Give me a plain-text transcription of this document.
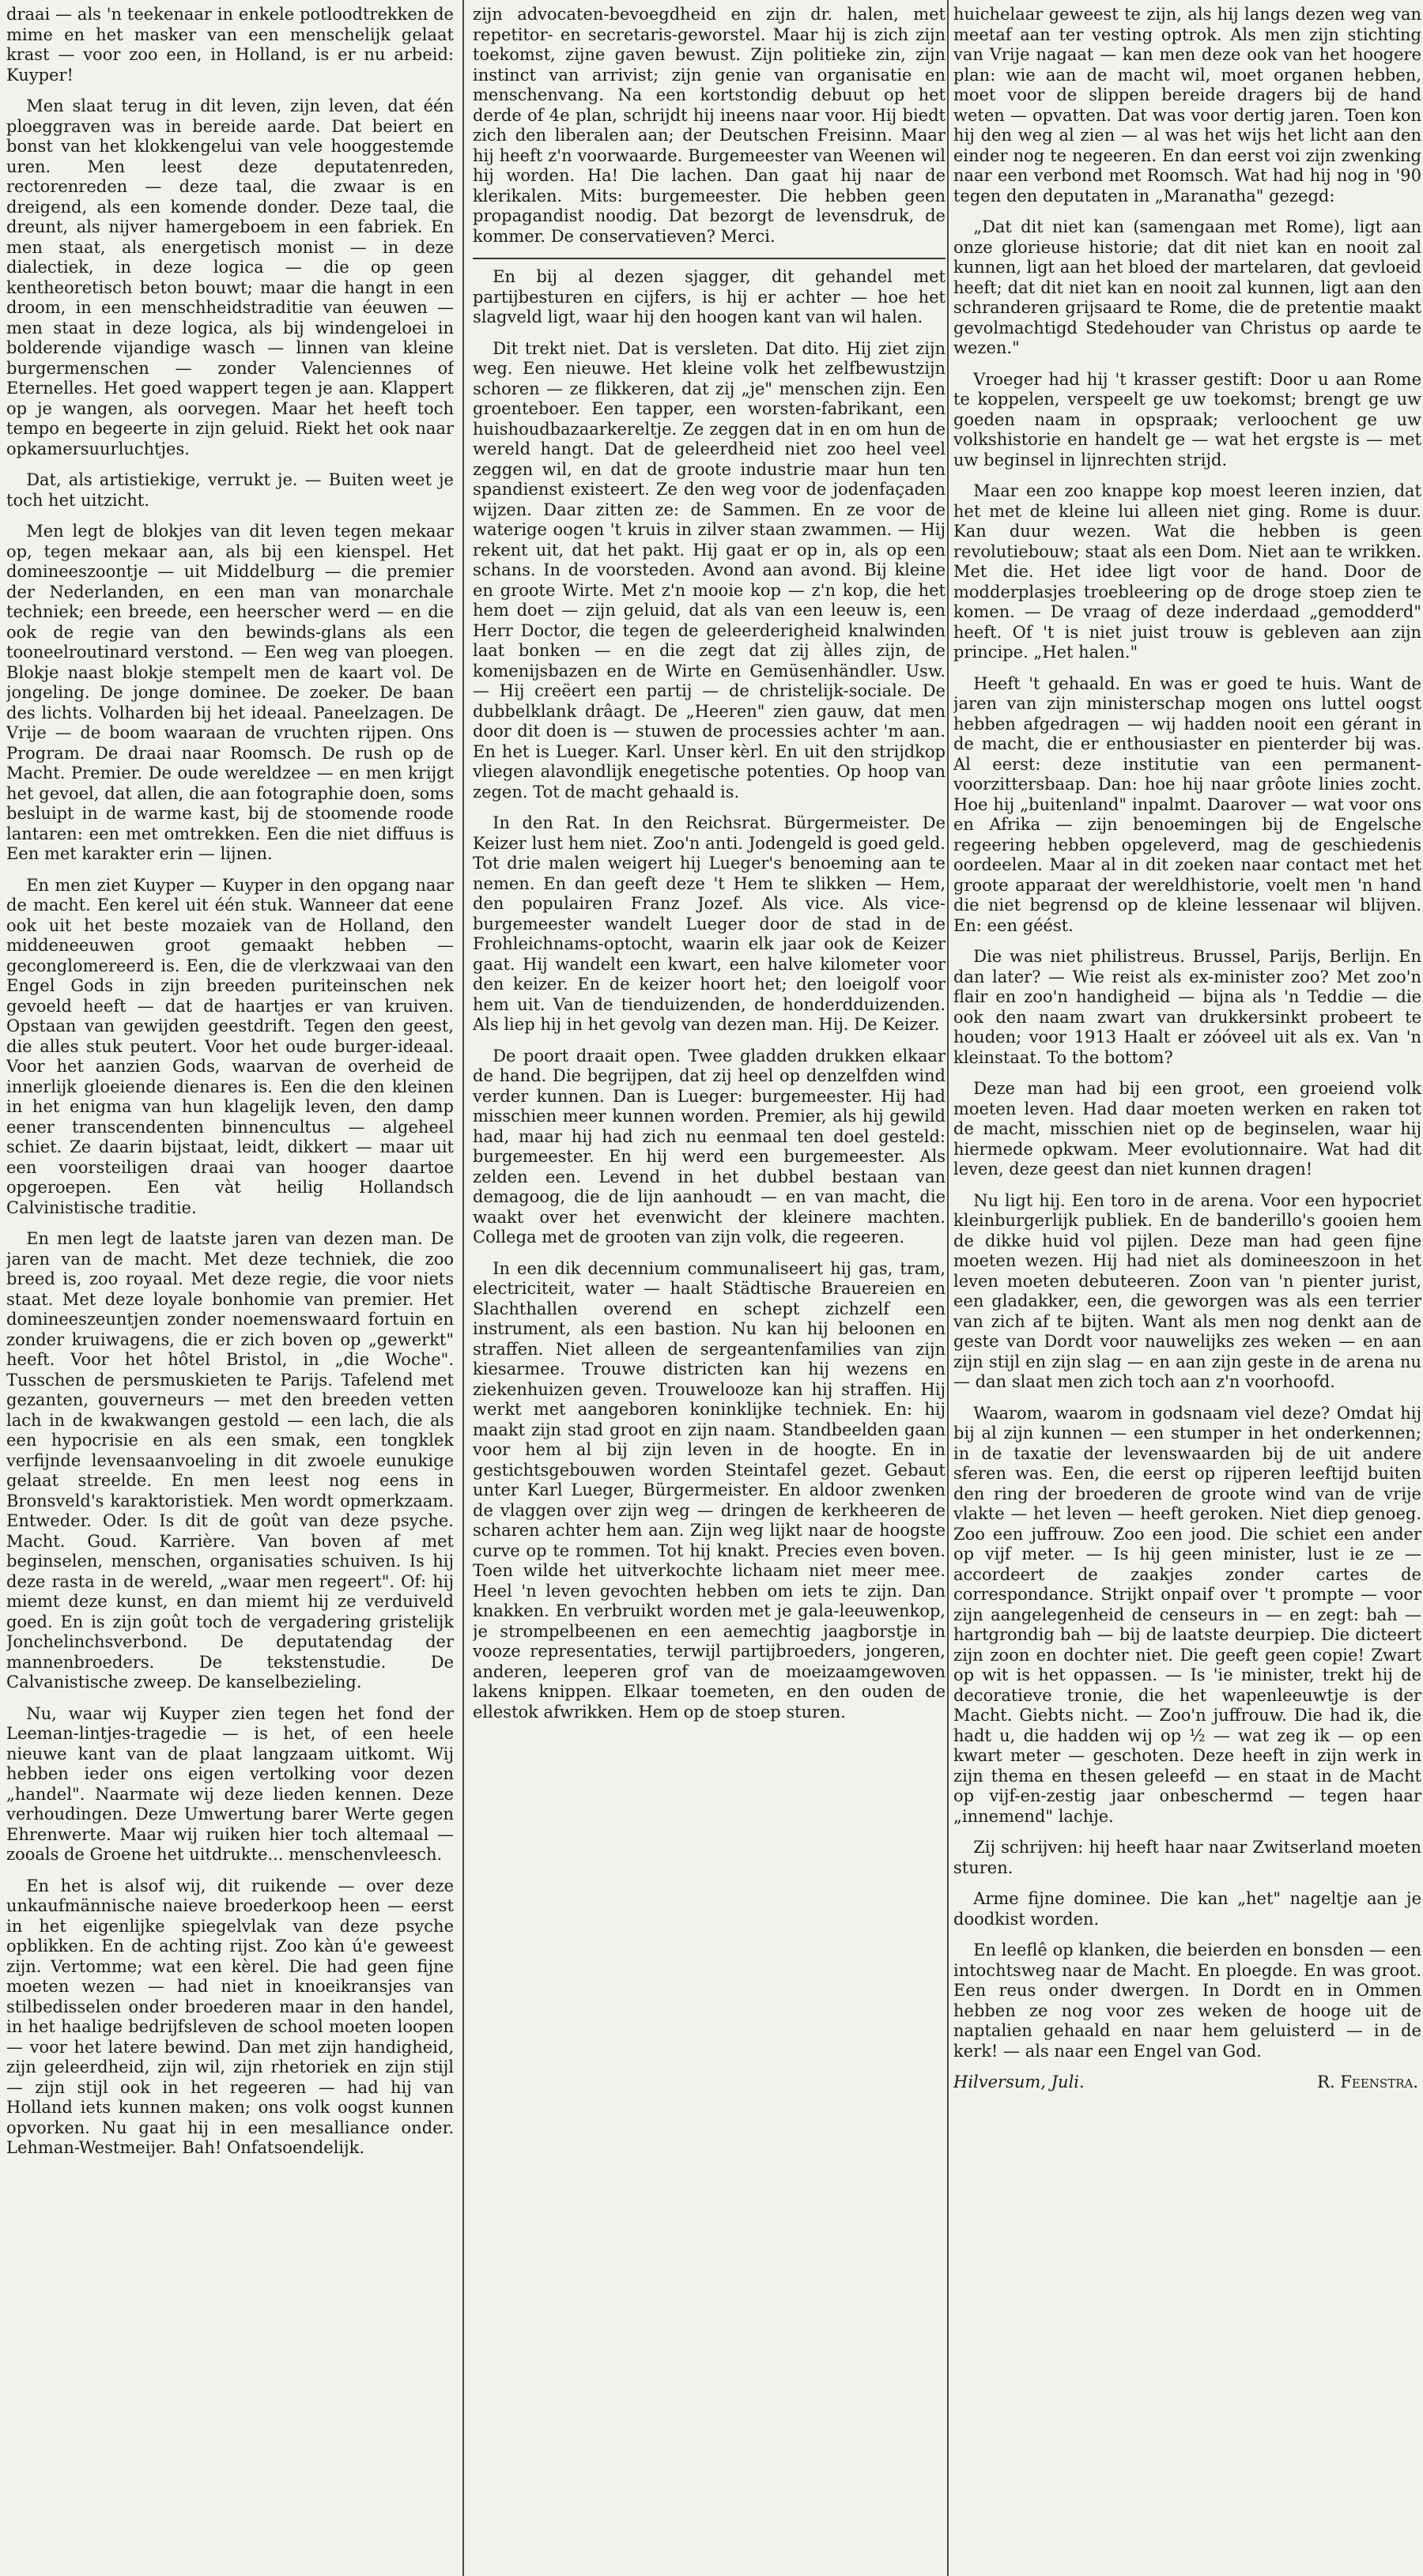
draai — als 'n teekenaar in enkele potloodtrekken de mime en het masker van een menschelijk gelaat krast — voor zoo een, in Holland, is er nu arbeid: Kuyper!

Men slaat terug in dit leven, zijn leven, dat één ploeggraven was in bereide aarde. Dat beiert en bonst van het klokkengelui van vele hooggestemde uren. Men leest deze deputatenreden, rectorenreden — deze taal, die zwaar is en dreigend, als een komende donder. Deze taal, die dreunt, als nijver hamergeboem in een fabriek. En men staat, als energetisch monist — in deze dialectiek, in deze logica — die op geen kentheoretisch beton bouwt; maar die hangt in een droom, in een menschheidstraditie van éeuwen — men staat in deze logica, als bij windengeloei in bolderende vijandige wasch — linnen van kleine burgermenschen — zonder Valenciennes of Eternelles. Het goed wappert tegen je aan. Klappert op je wangen, als oorvegen. Maar het heeft toch tempo en begeerte in zijn geluid. Riekt het ook naar opkamersuurluchtjes.

Dat, als artistiekige, verrukt je. — Buiten weet je toch het uitzicht.

Men legt de blokjes van dit leven tegen mekaar op, tegen mekaar aan, als bij een kienspel. Het domineeszoontje — uit Middelburg — die premier der Nederlanden, en een man van monarchale techniek; een breede, een heerscher werd — en die ook de regie van den bewinds-glans als een tooneelroutinard verstond. — Een weg van ploegen. Blokje naast blokje stempelt men de kaart vol. De jongeling. De jonge dominee. De zoeker. De baan des lichts. Volharden bij het ideaal. Paneelzagen. De Vrije — de boom waaraan de vruchten rijpen. Ons Program. De draai naar Roomsch. De rush op de Macht. Premier. De oude wereldzee — en men krijgt het gevoel, dat allen, die aan fotographie doen, soms besluipt in de warme kast, bij de stoomende roode lantaren: een met omtrekken. Een die niet diffuus is Een met karakter erin — lijnen.

En men ziet Kuyper — Kuyper in den opgang naar de macht. Een kerel uit één stuk. Wanneer dat eene ook uit het beste mozaiek van de Holland, den middeneeuwen groot gemaakt hebben — geconglomereerd is. Een, die de vlerkzwaai van den Engel Gods in zijn breeden puriteinschen nek gevoeld heeft — dat de haartjes er van kruiven. Opstaan van gewijden geestdrift. Tegen den geest, die alles stuk peutert. Voor het oude burger-ideaal. Voor het aanzien Gods, waarvan de overheid de innerlijk gloeiende dienares is. Een die den kleinen in het enigma van hun klagelijk leven, den damp eener transcendenten binnencultus — algeheel schiet. Ze daarin bijstaat, leidt, dikkert — maar uit een voorsteiligen draai van hooger daartoe opgeroepen. Een vàt heilig Hollandsch Calvinistische traditie.

En men legt de laatste jaren van dezen man. De jaren van de macht. Met deze techniek, die zoo breed is, zoo royaal. Met deze regie, die voor niets staat. Met deze loyale bonhomie van premier. Het domineeszeuntjen zonder noemenswaard fortuin en zonder kruiwagens, die er zich boven op „gewerkt" heeft. Voor het hôtel Bristol, in „die Woche". Tusschen de persmuskieten te Parijs. Tafelend met gezanten, gouverneurs — met den breeden vetten lach in de kwakwangen gestold — een lach, die als een hypocrisie en als een smak, een tongklek verfijnde levensaanvoeling in dit zwoele eunukige gelaat streelde. En men leest nog eens in Bronsveld's karaktoristiek. Men wordt opmerkzaam. Entweder. Oder. Is dit de goût van deze psyche. Macht. Goud. Karrière. Van boven af met beginselen, menschen, organisaties schuiven. Is hij deze rasta in de wereld, „waar men regeert". Of: hij miemt deze kunst, en dan miemt hij ze verduiveld goed. En is zijn goût toch de vergadering gristelijk Jonchelinchsverbond. De deputatendag der mannenbroeders. De tekstenstudie. De Calvanistische zweep. De kanselbezieling.

Nu, waar wij Kuyper zien tegen het fond der Leeman-lintjes-tragedie — is het, of een heele nieuwe kant van de plaat langzaam uitkomt. Wij hebben ieder ons eigen vertolking voor dezen „handel". Naarmate wij deze lieden kennen. Deze verhoudingen. Deze Umwertung barer Werte gegen Ehrenwerte. Maar wij ruiken hier toch altemaal — zooals de Groene het uitdrukte... menschenvleesch.

En het is alsof wij, dit ruikende — over deze unkaufmännische naieve broederkoop heen — eerst in het eigenlijke spiegelvlak van deze psyche opblikken. En de achting rijst. Zoo kàn ú'e geweest zijn. Vertomme; wat een kèrel. Die had geen fijne moeten wezen — had niet in knoeikransjes van stilbedisselen onder broederen maar in den handel, in het haalige bedrijfsleven de school moeten loopen — voor het latere bewind. Dan met zijn handigheid, zijn geleerdheid, zijn wil, zijn rhetoriek en zijn stijl — zijn stijl ook in het regeeren — had hij van Holland iets kunnen maken; ons volk oogst kunnen opvorken. Nu gaat hij in een mesalliance onder. Lehman-Westmeijer. Bah! Onfatsoendelijk.

zijn advocaten-bevoegdheid en zijn dr. halen, met repetitor- en secretaris-geworstel. Maar hij is zich zijn toekomst, zijne gaven bewust. Zijn politieke zin, zijn instinct van arrivist; zijn genie van organisatie en menschenvang. Na een kortstondig debuut op het derde of 4e plan, schrijdt hij ineens naar voor. Hij biedt zich den liberalen aan; der Deutschen Freisinn. Maar hij heeft z'n voorwaarde. Burgemeester van Weenen wil hij worden. Ha! Die lachen. Dan gaat hij naar de klerikalen. Mits: burgemeester. Die hebben geen propagandist noodig. Dat bezorgt de levensdruk, de kommer. De conservatieven? Merci.

En bij al dezen sjagger, dit gehandel met partijbesturen en cijfers, is hij er achter — hoe het slagveld ligt, waar hij den hoogen kant van wil halen.

Dit trekt niet. Dat is versleten. Dat dito. Hij ziet zijn weg. Een nieuwe. Het kleine volk het zelfbewustzijn schoren — ze flikkeren, dat zij „je" menschen zijn. Een groenteboer. Een tapper, een worsten-fabrikant, een huishoudbazaarkereltje. Ze zeggen dat in en om hun de wereld hangt. Dat de geleerdheid niet zoo heel veel zeggen wil, en dat de groote industrie maar hun ten spandienst existeert. Ze den weg voor de jodenfaçaden wijzen. Daar zitten ze: de Sammen. En ze voor de waterige oogen 't kruis in zilver staan zwammen. — Hij rekent uit, dat het pakt. Hij gaat er op in, als op een schans. In de voorsteden. Avond aan avond. Bij kleine en groote Wirte. Met z'n mooie kop — z'n kop, die het hem doet — zijn geluid, dat als van een leeuw is, een Herr Doctor, die tegen de geleerderigheid knalwinden laat bonken — en die zegt dat zij àlles zijn, de komenijsbazen en de Wirte en Gemüsenhändler. Usw. — Hij creëert een partij — de christelijk-sociale. De dubbelklank drâagt. De „Heeren" zien gauw, dat men door dit doen is — stuwen de processies achter 'm aan. En het is Lueger. Karl. Unser kèrl. En uit den strijdkop vliegen alavondlijk enegetische potenties. Op hoop van zegen. Tot de macht gehaald is.

In den Rat. In den Reichsrat. Bürgermeister. De Keizer lust hem niet. Zoo'n anti. Jodengeld is goed geld. Tot drie malen weigert hij Lueger's benoeming aan te nemen. En dan geeft deze 't Hem te slikken — Hem, den populairen Franz Jozef. Als vice. Als vice-burgemeester wandelt Lueger door de stad in de Frohleichnams-optocht, waarin elk jaar ook de Keizer gaat. Hij wandelt een kwart, een halve kilometer voor den keizer. En de keizer hoort het; den loeigolf voor hem uit. Van de tienduizenden, de honderdduizenden. Als liep hij in het gevolg van dezen man. Hij. De Keizer.

De poort draait open. Twee gladden drukken elkaar de hand. Die begrijpen, dat zij heel op denzelfden wind verder kunnen. Dan is Lueger: burgemeester. Hij had misschien meer kunnen worden. Premier, als hij gewild had, maar hij had zich nu eenmaal ten doel gesteld: burgemeester. En hij werd een burgemeester. Als zelden een. Levend in het dubbel bestaan van demagoog, die de lijn aanhoudt — en van macht, die waakt over het evenwicht der kleinere machten. Collega met de grooten van zijn volk, die regeeren.

In een dik decennium communaliseert hij gas, tram, electriciteit, water — haalt Städtische Brauereien en Slachthallen overend en schept zichzelf een instrument, als een bastion. Nu kan hij beloonen en straffen. Niet alleen de sergeantenfamilies van zijn kiesarmee. Trouwe districten kan hij wezens en ziekenhuizen geven. Trouwelooze kan hij straffen. Hij werkt met aangeboren koninklijke techniek. En: hij maakt zijn stad groot en zijn naam. Standbeelden gaan voor hem al bij zijn leven in de hoogte. En in gestichtsgebouwen worden Steintafel gezet. Gebaut unter Karl Lueger, Bürgermeister. En aldoor zwenken de vlaggen over zijn weg — dringen de kerkheeren de scharen achter hem aan. Zijn weg lijkt naar de hoogste curve op te rommen. Tot hij knakt. Precies even boven. Toen wilde het uitverkochte lichaam niet meer mee. Heel 'n leven gevochten hebben om iets te zijn. Dan knakken. En verbruikt worden met je gala-leeuwenkop, je strompelbeenen en een aemechtig jaagborstje in vooze representaties, terwijl partijbroeders, jongeren, anderen, leeperen grof van de moeizaamgewoven lakens knippen. Elkaar toemeten, en den ouden de ellestok afwrikken. Hem op de stoep sturen.

huichelaar geweest te zijn, als hij langs dezen weg van meetaf aan ter vesting optrok. Als men zijn stichting van Vrije nagaat — kan men deze ook van het hoogere plan: wie aan de macht wil, moet organen hebben, moet voor de slippen bereide dragers bij de hand weten — opvatten. Dat was voor dertig jaren. Toen kon hij den weg al zien — al was het wijs het licht aan den einder nog te negeeren. En dan eerst voi zijn zwenking naar een verbond met Roomsch. Wat had hij nog in '90 tegen den deputaten in „Maranatha" gezegd:

„Dat dit niet kan (samengaan met Rome), ligt aan onze glorieuse historie; dat dit niet kan en nooit zal kunnen, ligt aan het bloed der martelaren, dat gevloeid heeft; dat dit niet kan en nooit zal kunnen, ligt aan den schranderen grijsaard te Rome, die de pretentie maakt gevolmachtigd Stedehouder van Christus op aarde te wezen."

Vroeger had hij 't krasser gestift: Door u aan Rome te koppelen, verspeelt ge uw toekomst; brengt ge uw goeden naam in opspraak; verloochent ge uw volkshistorie en handelt ge — wat het ergste is — met uw beginsel in lijnrechten strijd.

Maar een zoo knappe kop moest leeren inzien, dat het met de kleine lui alleen niet ging. Rome is duur. Kan duur wezen. Wat die hebben is geen revolutiebouw; staat als een Dom. Niet aan te wrikken. Met die. Het idee ligt voor de hand. Door de modderplasjes troebleering op de droge stoep zien te komen. — De vraag of deze inderdaad „gemodderd" heeft. Of 't is niet juist trouw is gebleven aan zijn principe. „Het halen."

Heeft 't gehaald. En was er goed te huis. Want de jaren van zijn ministerschap mogen ons luttel oogst hebben afgedragen — wij hadden nooit een gérant in de macht, die er enthousiaster en pienterder bij was. Al eerst: deze institutie van een permanent-voorzittersbaap. Dan: hoe hij naar grôote linies zocht. Hoe hij „buitenland" inpalmt. Daarover — wat voor ons en Afrika — zijn benoemingen bij de Engelsche regeering hebben opgeleverd, mag de geschiedenis oordeelen. Maar al in dit zoeken naar contact met het groote apparaat der wereldhistorie, voelt men 'n hand die niet begrensd op de kleine lessenaar wil blijven. En: een géést.

Die was niet philistreus. Brussel, Parijs, Berlijn. En dan later? — Wie reist als ex-minister zoo? Met zoo'n flair en zoo'n handigheid — bijna als 'n Teddie — die ook den naam zwart van drukkersinkt probeert te houden; voor 1913 Haalt er zóóveel uit als ex. Van 'n kleinstaat. To the bottom?

Deze man had bij een groot, een groeiend volk moeten leven. Had daar moeten werken en raken tot de macht, misschien niet op de beginselen, waar hij hiermede opkwam. Meer evolutionnaire. Wat had dit leven, deze geest dan niet kunnen dragen!

Nu ligt hij. Een toro in de arena. Voor een hypocriet kleinburgerlijk publiek. En de banderillo's gooien hem de dikke huid vol pijlen. Deze man had geen fijne moeten wezen. Hij had niet als domineeszoon in het leven moeten debuteeren. Zoon van 'n pienter jurist, een gladakker, een, die geworgen was als een terrier van zich af te bijten. Want als men nog denkt aan de geste van Dordt voor nauwelijks zes weken — en aan zijn stijl en zijn slag — en aan zijn geste in de arena nu — dan slaat men zich toch aan z'n voorhoofd.

Waarom, waarom in godsnaam viel deze? Omdat hij bij al zijn kunnen — een stumper in het onderkennen; in de taxatie der levenswaarden bij de uit andere sferen was. Een, die eerst op rijperen leeftijd buiten den ring der broederen de groote wind van de vrije vlakte — het leven — heeft geroken. Niet diep genoeg. Zoo een juffrouw. Zoo een jood. Die schiet een ander op vijf meter. — Is hij geen minister, lust ie ze — accordeert de zaakjes zonder cartes de correspondance. Strijkt onpaif over 't prompte — voor zijn aangelegenheid de censeurs in — en zegt: bah — hartgrondig bah — bij de laatste deurpiep. Die dicteert zijn zoon en dochter niet. Die geeft geen copie! Zwart op wit is het oppassen. — Is 'ie minister, trekt hij de decoratieve tronie, die het wapenleeuwtje is der Macht. Giebts nicht. — Zoo'n juffrouw. Die had ik, die hadt u, die hadden wij op ½ — wat zeg ik — op een kwart meter — geschoten. Deze heeft in zijn werk in zijn thema en thesen geleefd — en staat in de Macht op vijf-en-zestig jaar onbeschermd — tegen haar „innemend" lachje.

Zij schrijven: hij heeft haar naar Zwitserland moeten sturen.

Arme fijne dominee. Die kan „het" nageltje aan je doodkist worden.

En leeflê op klanken, die beierden en bonsden — een intochtsweg naar de Macht. En ploegde. En was groot. Een reus onder dwergen. In Dordt en in Ommen hebben ze nog voor zes weken de hooge uit de naptalien gehaald en naar hem geluisterd — in de kerk! — als naar een Engel van God.

Hilversum, Juli.	R. Feenstra.
